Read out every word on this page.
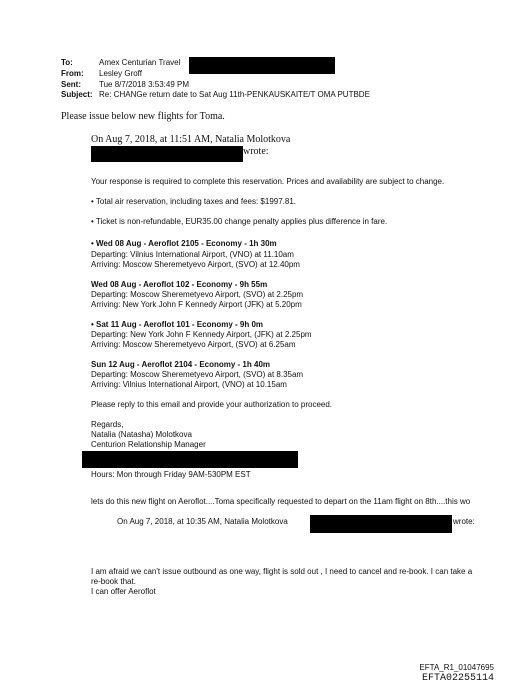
To:	Amex Centurian Travel
From: Lesley Groff
Sent: Tue 8/7/2018 3:53:49 PM
Subject: Re: CHANGe return date to Sat Aug 11th-PENKAUSKAITE/T OMA PUTBDE
Please issue below new flights for Toma.
On Aug 7, 2018, at 11:51 AM, Natalia Molotkova
wrote:
Your response is required to complete this reservation. Prices and availability are subject to change.
• Total air reservation, including taxes and fees: $1997.81.
• Ticket is non-refundable, EUR35.00 change penalty applies plus difference in fare.
• Wed 08 Aug - Aeroflot 2105 - Economy - 1h 30m
Departing: Vilnius International Airport, (VNO) at 11.10am
Arriving: Moscow Sheremetyevo Airport, (SVO) at 12.40pm
Wed 08 Aug - Aeroflot 102 - Economy - 9h 55m
Departing: Moscow Sheremetyevo Airport, (SVO) at 2.25pm
Arriving: New York John F Kennedy Airport (JFK) at 5.20pm
• Sat 11 Aug - Aeroflot 101 - Economy - 9h 0m
Departing: New York John F Kennedy Airport, (JFK) at 2.25pm
Arriving: Moscow Sheremetyevo Airport, (SVO) at 6.25am
Sun 12 Aug - Aeroflot 2104 - Economy - 1h 40m
Departing: Moscow Sheremetyevo Airport, (SVO) at 8.35am
Arriving: Vilnius International Airport, (VNO) at 10.15am
Please reply to this email and provide your authorization to proceed.
Regards,
Natalia (Natasha) Molotkova
Centurion Relationship Manager
Hours: Mon through Friday 9AM-530PM EST
lets do this new flight on Aeroflot....Toma specifically requested to depart on the 11am flight on 8th....this wo
On Aug 7, 2018, at 10:35 AM, Natalia Molotkova	wrote:
I am afraid we can't issue outbound as one way, flight is sold out , I need to cancel and re-book. I can take a
re-book that.
I can offer Aeroflot
EFTA_R1_01047695
EFTA02255114
